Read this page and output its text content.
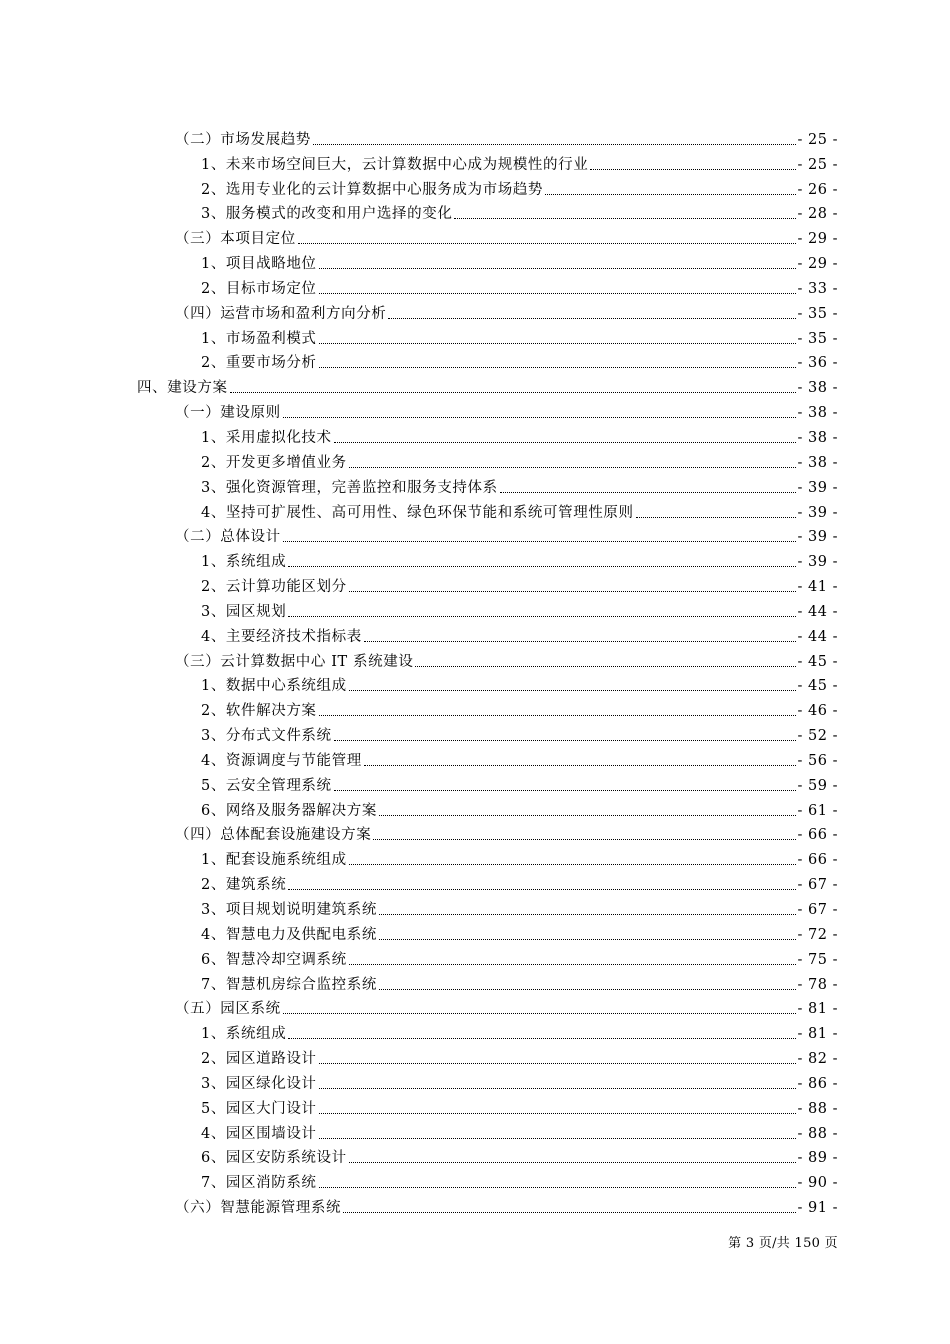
（二）市场发展趋势	- 25 -
1、未来市场空间巨大，云计算数据中心成为规模性的行业	- 25 -
2、选用专业化的云计算数据中心服务成为市场趋势	- 26 -
3、服务模式的改变和用户选择的变化	- 28 -
（三）本项目定位	- 29 -
1、项目战略地位	- 29 -
2、目标市场定位	- 33 -
（四）运营市场和盈利方向分析	- 35 -
1、市场盈利模式	- 35 -
2、重要市场分析	- 36 -
四、建设方案	- 38 -
（一）建设原则	- 38 -
1、采用虚拟化技术	- 38 -
2、开发更多增值业务	- 38 -
3、强化资源管理，完善监控和服务支持体系	- 39 -
4、坚持可扩展性、高可用性、绿色环保节能和系统可管理性原则	- 39 -
（二）总体设计	- 39 -
1、系统组成	- 39 -
2、云计算功能区划分	- 41 -
3、园区规划	- 44 -
4、主要经济技术指标表	- 44 -
（三）云计算数据中心 IT 系统建设	- 45 -
1、数据中心系统组成	- 45 -
2、软件解决方案	- 46 -
3、分布式文件系统	- 52 -
4、资源调度与节能管理	- 56 -
5、云安全管理系统	- 59 -
6、网络及服务器解决方案	- 61 -
（四）总体配套设施建设方案	- 66 -
1、配套设施系统组成	- 66 -
2、建筑系统	- 67 -
3、项目规划说明建筑系统	- 67 -
4、智慧电力及供配电系统	- 72 -
6、智慧冷却空调系统	- 75 -
7、智慧机房综合监控系统	- 78 -
（五）园区系统	- 81 -
1、系统组成	- 81 -
2、园区道路设计	- 82 -
3、园区绿化设计	- 86 -
5、园区大门设计	- 88 -
4、园区围墙设计	- 88 -
6、园区安防系统设计	- 89 -
7、园区消防系统	- 90 -
（六）智慧能源管理系统	- 91 -
第 3 页/共 150 页
